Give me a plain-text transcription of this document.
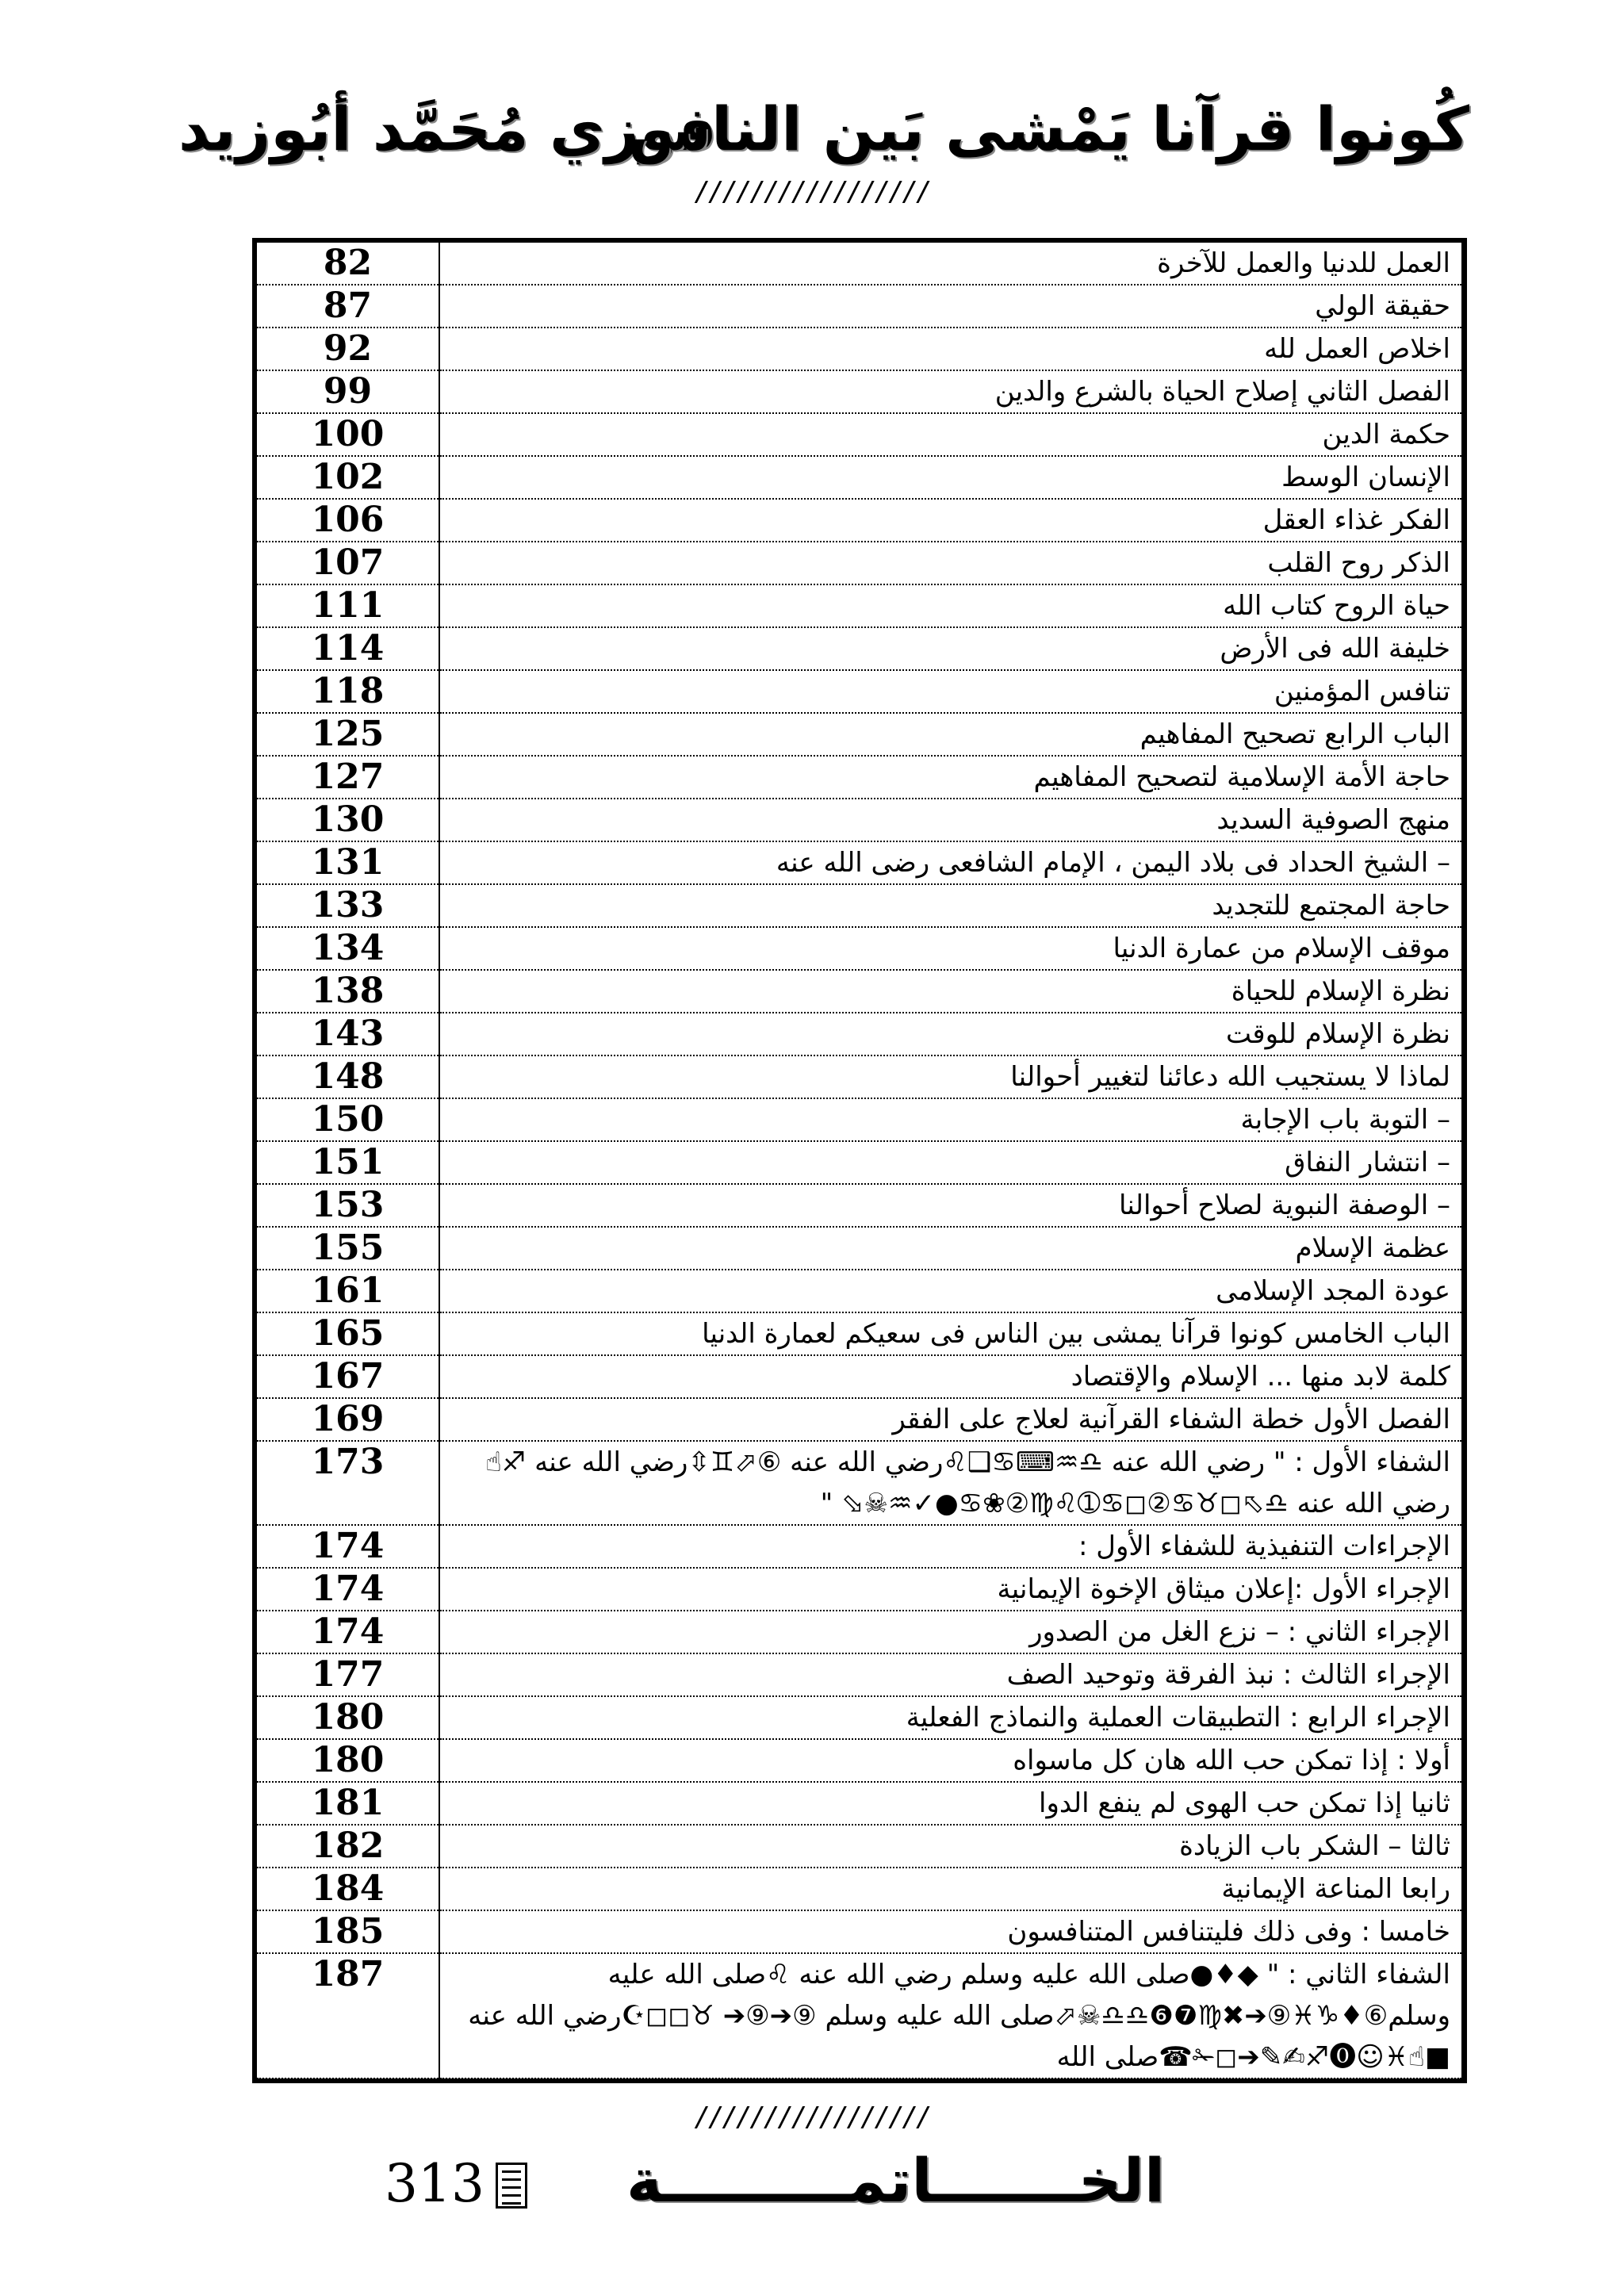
فوزي مُحَمَّد أبُوزيد
كُونوا قرآنا يَمْشى بَين الناس
/////////////////
82	العمل للدنيا والعمل للآخرة
87	حقيقة الولي
92	اخلاص العمل لله
99	الفصل الثاني إصلاح الحياة بالشرع والدين
100	حكمة الدين
102	الإنسان الوسط
106	الفكر غذاء العقل
107	الذكر روح القلب
111	حياة الروح كتاب الله
114	خليفة الله فى الأرض
118	تنافس المؤمنين
125	الباب الرابع تصحيح المفاهيم
127	حاجة الأمة الإسلامية لتصحيح المفاهيم
130	منهج الصوفية السديد
131	– الشيخ الحداد فى بلاد اليمن ، الإمام الشافعى رضى الله عنه
133	حاجة المجتمع للتجديد
134	موقف الإسلام من عمارة الدنيا
138	نظرة الإسلام للحياة
143	نظرة الإسلام للوقت
148	لماذا لا يستجيب الله دعائنا لتغيير أحوالنا
150	– التوبة باب الإجابة
151	– انتشار النفاق
153	– الوصفة النبوية لصلاح أحوالنا
155	عظمة الإسلام
161	عودة المجد الإسلامى
165	الباب الخامس كونوا قرآنا يمشى بين الناس فى سعيكم لعمارة الدنيا
167	كلمة لابد منها ... الإسلام والإقتصاد
169	الفصل الأول خطة الشفاء القرآنية لعلاج على الفقر
173	الشفاء الأول : " رضي الله عنه ♎♒⌨♋❑♌رضي الله عنه ⑥⬀♊⇳رضي الله عنه ♐☝رضي الله عنه ♎⬁◻♉♋②◻♋➀♌♍②❀♋●✓♒☠⬂ "
174	الإجراءات التنفيذية للشفاء الأول :
174	الإجراء الأول :إعلان ميثاق الإخوة الإيمانية
174	الإجراء الثاني : – نزع الغل من الصدور
177	الإجراء الثالث : نبذ الفرقة وتوحيد الصف
180	الإجراء الرابع : التطبيقات العملية والنماذج الفعلية
180	أولا : إذا تمكن حب الله هان كل ماسواه
181	ثانيا إذا تمكن حب الهوى لم ينفع الدوا
182	ثالثا – الشكر باب الزيادة
184	رابعا المناعة الإيمانية
185	خامسا : وفى ذلك فليتنافس المتنافسون
187	الشفاء الثاني : " ◆♦●صلى الله عليه وسلم رضي الله عنه ♌صلى الله عليه وسلم⑥♦♑♓⑨➔✖♍❼❻♎♎☠⬀صلى الله عليه وسلم ⑨➔⑨➔ ♉◻◻☪رضي الله عنه ■☝♓☺⓿♐✍✎➔◻✁☎صلى الله
/////////////////
313 الخـــــــاتمـــــــــة
